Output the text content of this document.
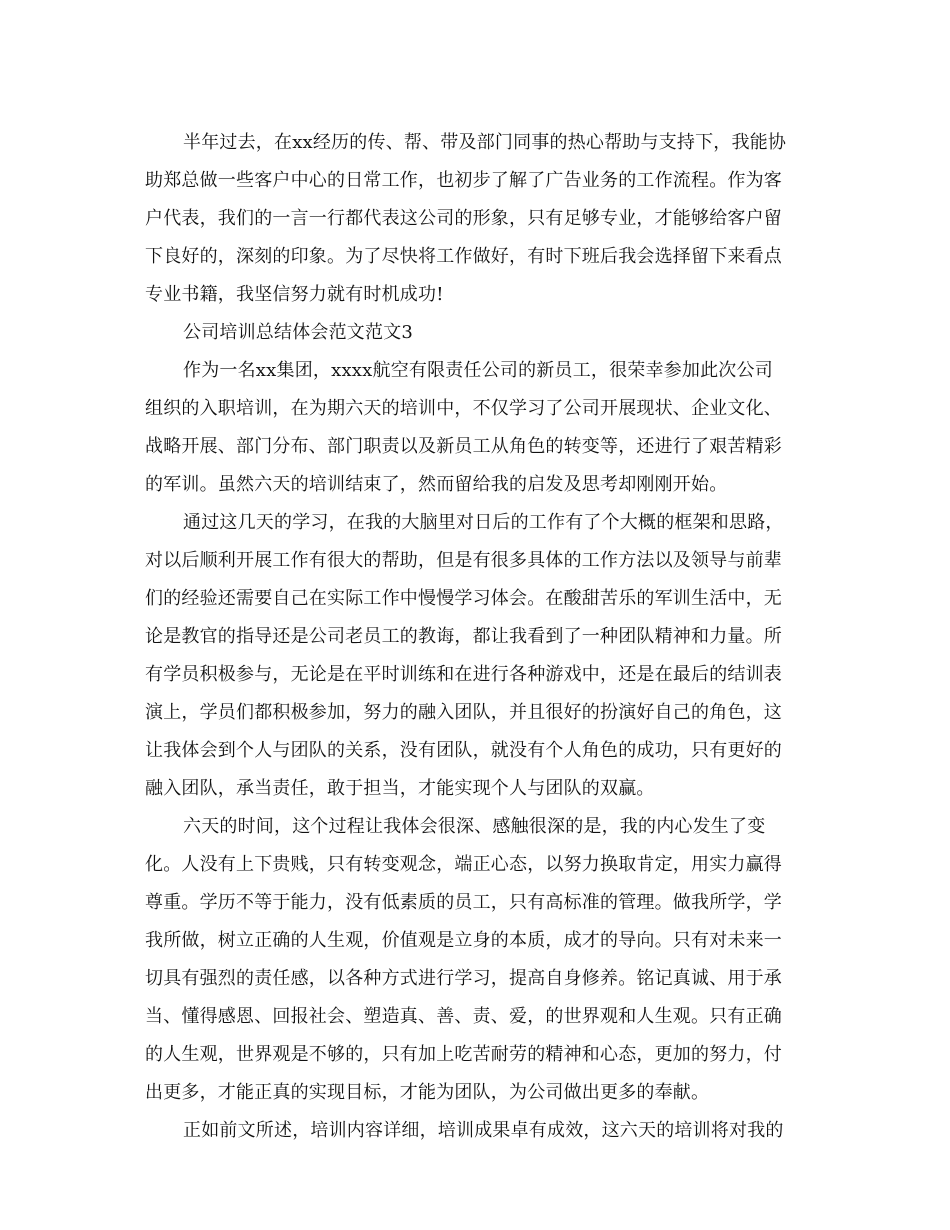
半年过去，在xx经历的传、帮、带及部门同事的热心帮助与支持下，我能协
助郑总做一些客户中心的日常工作，也初步了解了广告业务的工作流程。作为客
户代表，我们的一言一行都代表这公司的形象，只有足够专业，才能够给客户留
下良好的，深刻的印象。为了尽快将工作做好，有时下班后我会选择留下来看点
专业书籍，我坚信努力就有时机成功!
公司培训总结体会范文范文3
作为一名xx集团，xxxx航空有限责任公司的新员工，很荣幸参加此次公司
组织的入职培训，在为期六天的培训中，不仅学习了公司开展现状、企业文化、
战略开展、部门分布、部门职责以及新员工从角色的转变等，还进行了艰苦精彩
的军训。虽然六天的培训结束了，然而留给我的启发及思考却刚刚开始。
通过这几天的学习，在我的大脑里对日后的工作有了个大概的框架和思路，
对以后顺利开展工作有很大的帮助，但是有很多具体的工作方法以及领导与前辈
们的经验还需要自己在实际工作中慢慢学习体会。在酸甜苦乐的军训生活中，无
论是教官的指导还是公司老员工的教诲，都让我看到了一种团队精神和力量。所
有学员积极参与，无论是在平时训练和在进行各种游戏中，还是在最后的结训表
演上，学员们都积极参加，努力的融入团队，并且很好的扮演好自己的角色，这
让我体会到个人与团队的关系，没有团队，就没有个人角色的成功，只有更好的
融入团队，承当责任，敢于担当，才能实现个人与团队的双赢。
六天的时间，这个过程让我体会很深、感触很深的是，我的内心发生了变
化。人没有上下贵贱，只有转变观念，端正心态，以努力换取肯定，用实力赢得
尊重。学历不等于能力，没有低素质的员工，只有高标准的管理。做我所学，学
我所做，树立正确的人生观，价值观是立身的本质，成才的导向。只有对未来一
切具有强烈的责任感，以各种方式进行学习，提高自身修养。铭记真诚、用于承
当、懂得感恩、回报社会、塑造真、善、责、爱，的世界观和人生观。只有正确
的人生观，世界观是不够的，只有加上吃苦耐劳的精神和心态，更加的努力，付
出更多，才能正真的实现目标，才能为团队，为公司做出更多的奉献。
正如前文所述，培训内容详细，培训成果卓有成效，这六天的培训将对我的
